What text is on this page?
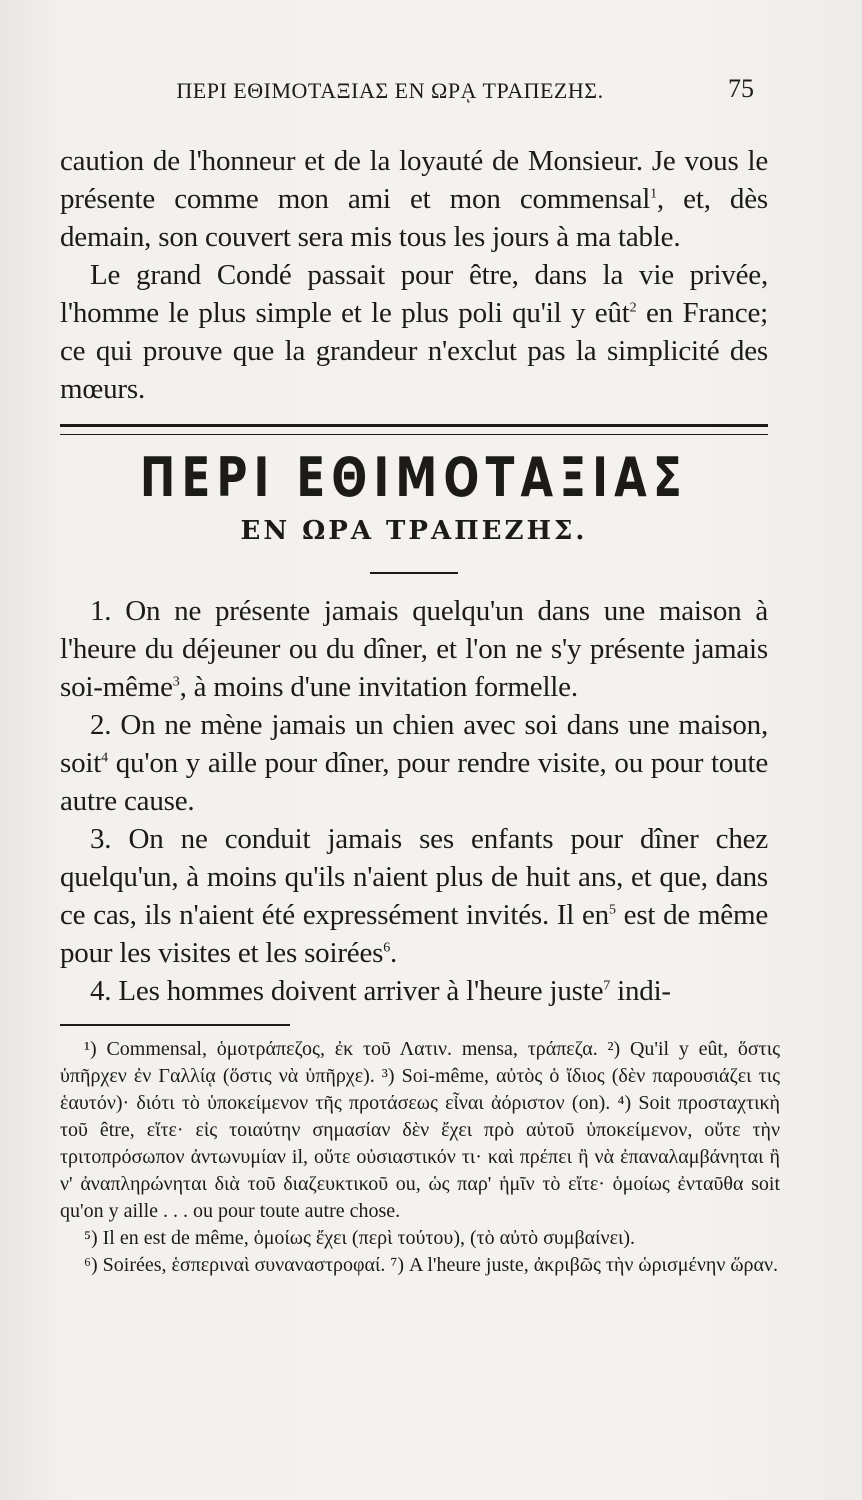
ΠΕΡΙ ΕΘΙΜΟΤΑΞΙΑΣ ΕΝ ΩΡᾼ ΤΡΑΠΕΖΗΣ.	75

caution de l'honneur et de la loyauté de Monsieur. Je vous le présente comme mon ami et mon commensal$^1$, et, dès demain, son couvert sera mis tous les jours à ma table.

Le grand Condé passait pour être, dans la vie privée, l'homme le plus simple et le plus poli qu'il y eût$^2$ en France; ce qui prouve que la grandeur n'exclut pas la simplicité des mœurs.

ΠΕΡΙ ΕΘΙΜΟΤΑΞΙΑΣ
ΕΝ ΩΡΑ ΤΡΑΠΕΖΗΣ.

1. On ne présente jamais quelqu'un dans une maison à l'heure du déjeuner ou du dîner, et l'on ne s'y présente jamais soi-même$^3$, à moins d'une invitation formelle.

2. On ne mène jamais un chien avec soi dans une maison, soit$^4$ qu'on y aille pour dîner, pour rendre visite, ou pour toute autre cause.

3. On ne conduit jamais ses enfants pour dîner chez quelqu'un, à moins qu'ils n'aient plus de huit ans, et que, dans ce cas, ils n'aient été expressément invités. Il $en^5$ est de même pour les visites et les soirées$^6$.

4. Les hommes doivent arriver à l'heure juste$^7$ indi-

¹) Commensal, ὁμοτράπεζος, ἐκ τοῦ Λατιν. mensa, τράπεζα. ²) Qu'il y eût, ὅστις ὑπῆρχεν ἐν Γαλλίᾳ (ὅστις νὰ ὑπῆρχε). ³) Soi-même, αὐτὸς ὁ ἴδιος (δὲν παρουσιάζει τις ἑαυτόν)· διότι τὸ ὑποκείμενον τῆς προτάσεως εἶναι ἀόριστον (on). ⁴) Soit προσταχτικὴ τοῦ être, εἴτε· εἰς τοιαύτην σημασίαν δὲν ἔχει πρὸ αὐτοῦ ὑποκείμενον, οὔτε τὴν τριτοπρόσωπον ἀντωνυμίαν il, οὔτε οὐσιαστικόν τι· καὶ πρέπει ἢ νὰ ἐπαναλαμβάνηται ἢ ν' ἀναπληρώνηται διὰ τοῦ διαζευκτικοῦ ou, ὡς παρ' ἡμῖν τὸ εἴτε· ὁμοίως ἐνταῦθα soit qu'on y aille . . . ou pour toute autre chose.

⁵) Il en est de même, ὁμοίως ἔχει (περὶ τούτου), (τὸ αὐτὸ συμβαίνει).

⁶) Soirées, ἑσπεριναὶ συναναστροφαί. ⁷) A l'heure juste, ἀκριβῶς τὴν ὡρισμένην ὥραν.
